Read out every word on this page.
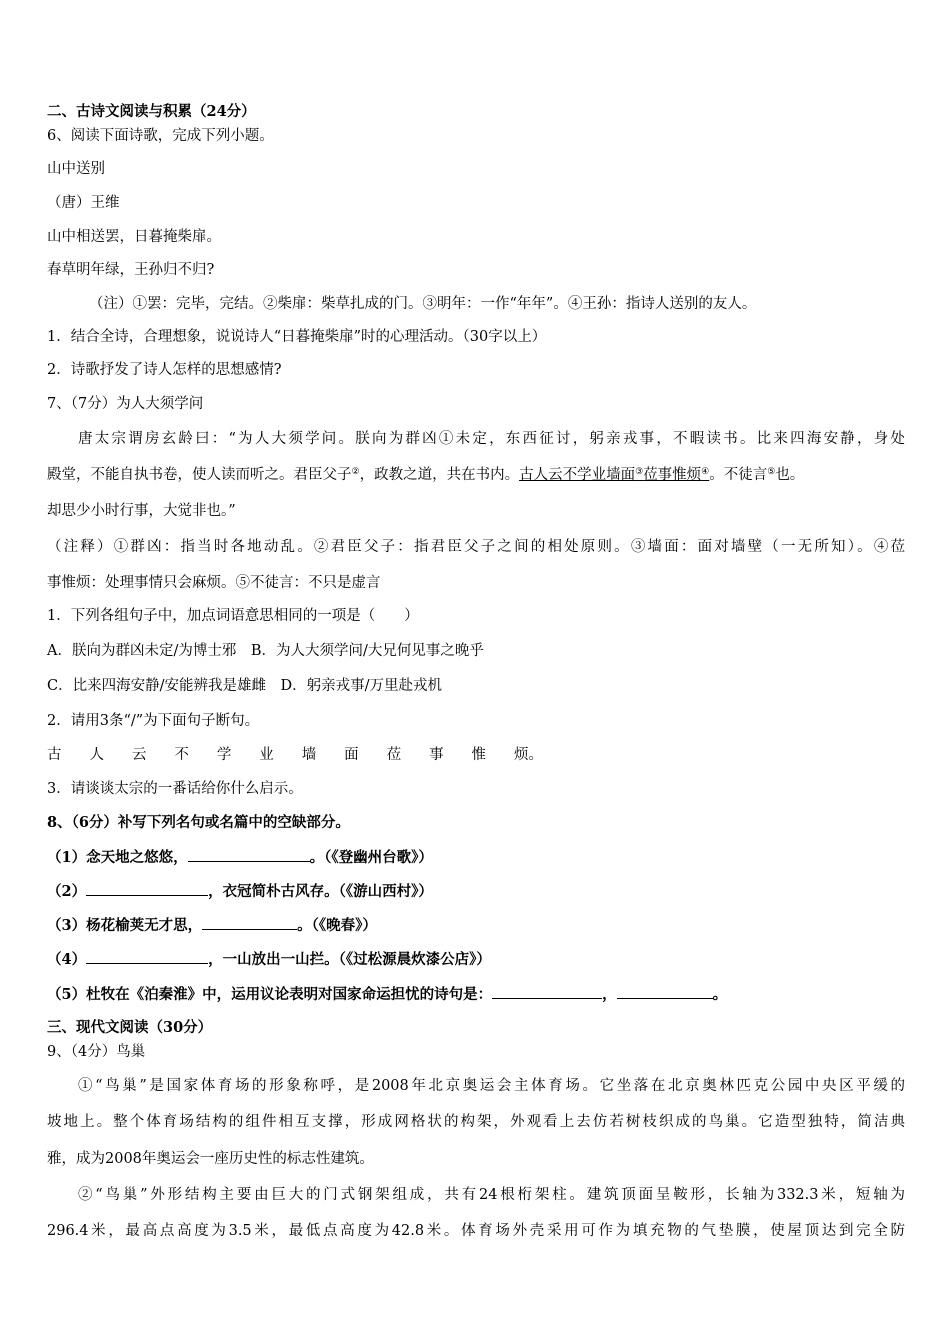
二、古诗文阅读与积累（24分）
6、阅读下面诗歌，完成下列小题。
山中送别
（唐）王维
山中相送罢，日暮掩柴扉。
春草明年绿，王孙归不归?
（注）①罢：完毕，完结。②柴扉：柴草扎成的门。③明年：一作“年年”。④王孙：指诗人送别的友人。
1．结合全诗，合理想象，说说诗人“日暮掩柴扉”时的心理活动。（30字以上）
2．诗歌抒发了诗人怎样的思想感情?
7、（7分）为人大须学问
唐太宗谓房玄龄曰：“为人大须学问。朕向为群凶①未定，东西征讨，躬亲戎事，不暇读书。比来四海安静，身处
殿堂，不能自执书卷，使人读而听之。君臣父子②，政教之道，共在书内。古人云不学业墙面③莅事惟烦④。不徒言⑤也。
却思少小时行事，大觉非也。”
（注释）①群凶：指当时各地动乱。②君臣父子：指君臣父子之间的相处原则。③墙面：面对墙壁（一无所知）。④莅
事惟烦：处理事情只会麻烦。⑤不徒言：不只是虚言
1．下列各组句子中，加点词语意思相同的一项是（　　）
A．朕向为群凶未定/为博士邪　B．为人大须学问/大兄何见事之晚乎
C．比来四海安静/安能辨我是雄雌　D．躬亲戎事/万里赴戎机
2．请用3条“/”为下面句子断句。
古 人 云 不 学 业 墙 面 莅 事 惟 烦。
3．请谈谈太宗的一番话给你什么启示。
8、（6分）补写下列名句或名篇中的空缺部分。
（1）念天地之悠悠，	。（《登幽州台歌》）
（2）	，衣冠简朴古风存。（《游山西村》）
（3）杨花榆荚无才思，	。（《晚春》）
（4）	，一山放出一山拦。（《过松源晨炊漆公店》）
（5）杜牧在《泊秦淮》中，运用议论表明对国家命运担忧的诗句是：	，	。
三、现代文阅读（30分）
9、（4分）鸟巢
①“鸟巢”是国家体育场的形象称呼，是2008年北京奥运会主体育场。它坐落在北京奥林匹克公园中央区平缓的
坡地上。整个体育场结构的组件相互支撑，形成网格状的构架，外观看上去仿若树枝织成的鸟巢。它造型独特，简洁典
雅，成为2008年奥运会一座历史性的标志性建筑。
②“鸟巢”外形结构主要由巨大的门式钢架组成，共有24根桁架柱。建筑顶面呈鞍形，长轴为332.3米，短轴为
296.4米，最高点高度为3.5米，最低点高度为42.8米。体育场外壳采用可作为填充物的气垫膜，使屋顶达到完全防
